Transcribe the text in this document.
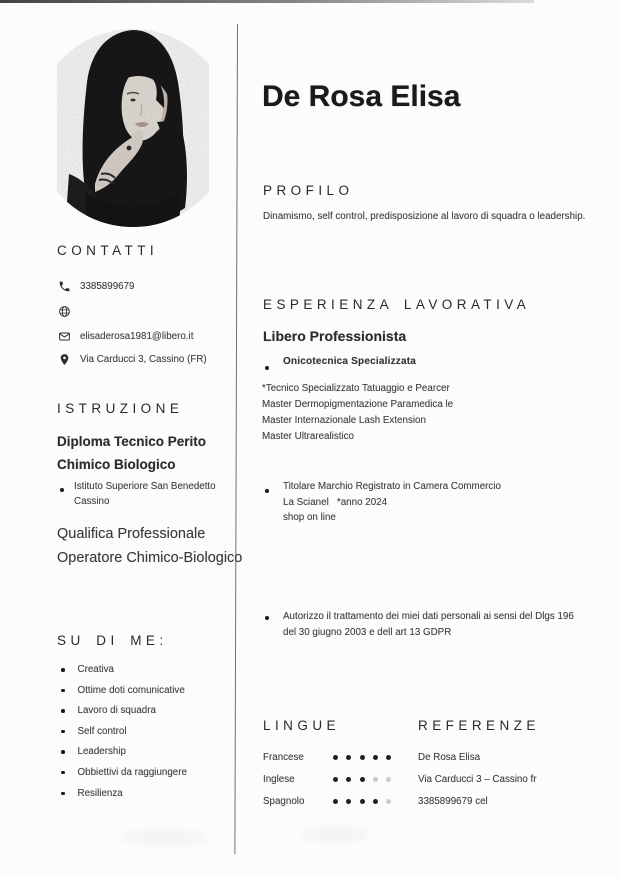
CONTATTI
3385899679
elisaderosa1981@libero.it
Via Carducci 3, Cassino (FR)
ISTRUZIONE
Diploma Tecnico Perito Chimico Biologico
Istituto Superiore San Benedetto Cassino
Qualifica Professionale Operatore Chimico-Biologico
SU DI ME:
Creativa
Ottime doti comunicative
Lavoro di squadra
Self control
Leadership
Obbiettivi da raggiungere
Resilienza
De Rosa Elisa
PROFILO
Dinamismo, self control, predisposizione al lavoro di squadra o leadership.
ESPERIENZA LAVORATIVA
Libero Professionista
Onicotecnica Specializzata
*Tecnico Specializzato Tatuaggio e Pearcer
Master Dermopigmentazione Paramedica le
Master Internazionale Lash Extension
Master Ultrarealistico
Titolare Marchio Registrato in Camera Commercio
La Scianel   *anno 2024
shop on line
Autorizzo il trattamento dei miei dati personali ai sensi del Dlgs 196 del 30 giugno 2003 e dell art 13 GDPR
LINGUE	REFERENZE
Francese
Inglese
Spagnolo
De Rosa Elisa
Via Carducci 3 – Cassino fr
3385899679 cel
